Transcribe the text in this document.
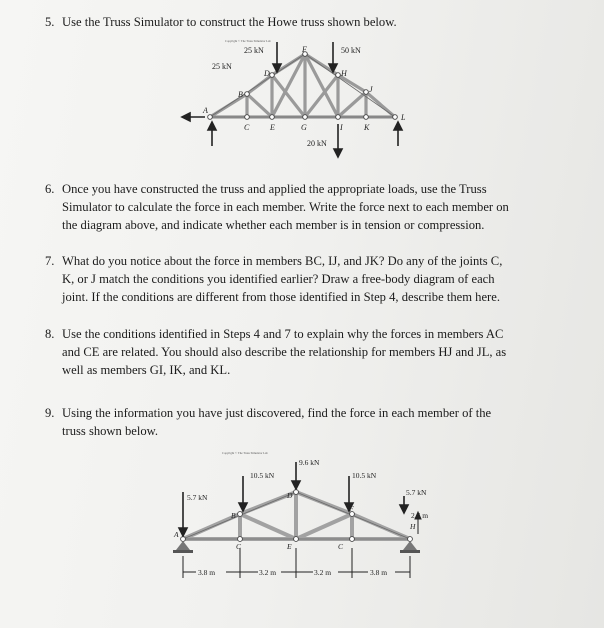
5. Use the Truss Simulator to construct the Howe truss shown below.
Copyright © The Truss Simulator Lab
25 kN
25 kN
50 kN
20 kN
A
B
C
D
E
F
G
H
I
J
K
L
6. Once you have constructed the truss and applied the appropriate loads, use the Truss
Simulator to calculate the force in each member. Write the force next to each member on
the diagram above, and indicate whether each member is in tension or compression.
7. What do you notice about the force in members BC, IJ, and JK? Do any of the joints C,
K, or J match the conditions you identified earlier? Draw a free-body diagram of each
joint. If the conditions are different from those identified in Step 4, describe them here.
8. Use the conditions identified in Steps 4 and 7 to explain why the forces in members AC
and CE are related. You should also describe the relationship for members HJ and JL, as
well as members GI, IK, and KL.
9. Using the information you have just discovered, find the force in each member of the
truss shown below.
Copyright © The Truss Simulator Lab
3.8 m	3.2 m	3.2 m	3.8 m
9.6 kN
10.5 kN	10.5 kN
5.7 kN
5.7 kN
2.4 m
A
B
C
D
E
F
C
H
